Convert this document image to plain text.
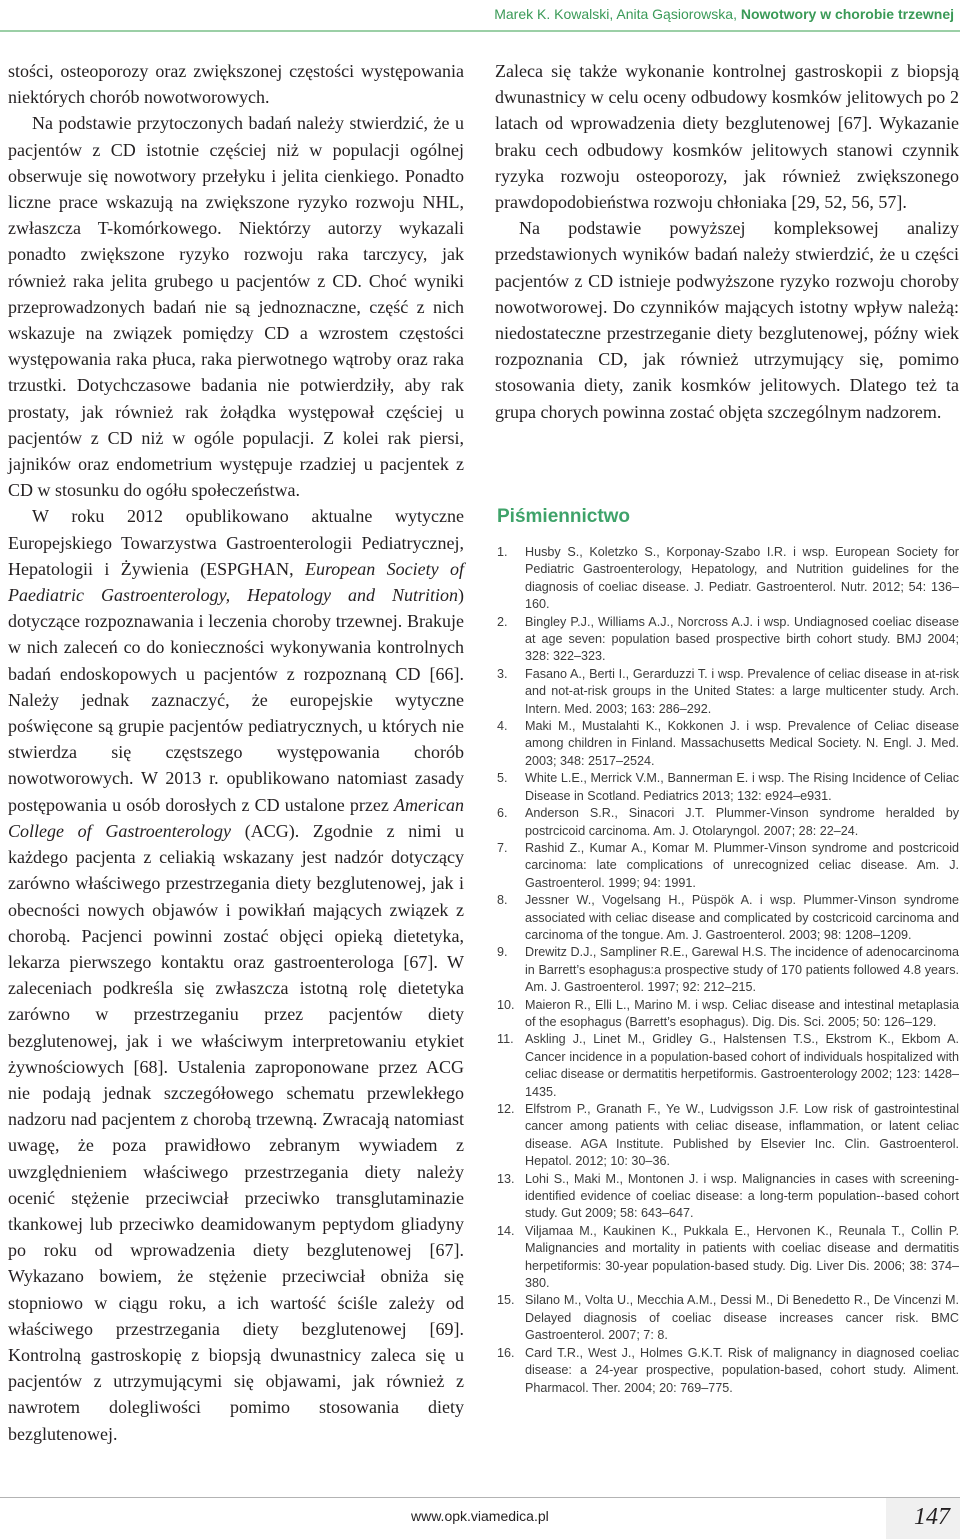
Marek K. Kowalski, Anita Gąsiorowska, Nowotwory w chorobie trzewnej

stości, osteoporozy oraz zwiększonej częstości występowania niektórych chorób nowotworowych.

Na podstawie przytoczonych badań należy stwierdzić, że u pacjentów z CD istotnie częściej niż w populacji ogólnej obserwuje się nowotwory przełyku i jelita cienkiego. Ponadto liczne prace wskazują na zwiększone ryzyko rozwoju NHL, zwłaszcza T-komórkowego. Niektórzy autorzy wykazali ponadto zwiększone ryzyko rozwoju raka tarczycy, jak również raka jelita grubego u pacjentów z CD. Choć wyniki przeprowadzonych badań nie są jednoznaczne, część z nich wskazuje na związek pomiędzy CD a wzrostem częstości występowania raka płuca, raka pierwotnego wątroby oraz raka trzustki. Dotychczasowe badania nie potwierdziły, aby rak prostaty, jak również rak żołądka występował częściej u pacjentów z CD niż w ogóle populacji. Z kolei rak piersi, jajników oraz endometrium występuje rzadziej u pacjentek z CD w stosunku do ogółu społeczeństwa.

W roku 2012 opublikowano aktualne wytyczne Europejskiego Towarzystwa Gastroenterologii Pediatrycznej, Hepatologii i Żywienia (ESPGHAN, European Society of Paediatric Gastroenterology, Hepatology and Nutrition) dotyczące rozpoznawania i leczenia choroby trzewnej. Brakuje w nich zaleceń co do konieczności wykonywania kontrolnych badań endoskopowych u pacjentów z rozpoznaną CD [66]. Należy jednak zaznaczyć, że europejskie wytyczne poświęcone są grupie pacjentów pediatrycznych, u których nie stwierdza się częstszego występowania chorób nowotworowych. W 2013 r. opublikowano natomiast zasady postępowania u osób dorosłych z CD ustalone przez American College of Gastroenterology (ACG). Zgodnie z nimi u każdego pacjenta z celiakią wskazany jest nadzór dotyczący zarówno właściwego przestrzegania diety bezglutenowej, jak i obecności nowych objawów i powikłań mających związek z chorobą. Pacjenci powinni zostać objęci opieką dietetyka, lekarza pierwszego kontaktu oraz gastroenterologa [67]. W zaleceniach podkreśla się zwłaszcza istotną rolę dietetyka zarówno w przestrzeganiu przez pacjentów diety bezglutenowej, jak i we właściwym interpretowaniu etykiet żywnościowych [68]. Ustalenia zaproponowane przez ACG nie podają jednak szczegółowego schematu przewlekłego nadzoru nad pacjentem z chorobą trzewną. Zwracają natomiast uwagę, że poza prawidłowo zebranym wywiadem z uwzględnieniem właściwego przestrzegania diety należy ocenić stężenie przeciwciał przeciwko transglutaminazie tkankowej lub przeciwko deamidowanym peptydom gliadyny po roku od wprowadzenia diety bezglutenowej [67]. Wykazano bowiem, że stężenie przeciwciał obniża się stopniowo w ciągu roku, a ich wartość ściśle zależy od właściwego przestrzegania diety bezglutenowej [69]. Kontrolną gastroskopię z biopsją dwunastnicy zaleca się u pacjentów z utrzymującymi się objawami, jak również z nawrotem dolegliwości pomimo stosowania diety bezglutenowej.

Zaleca się także wykonanie kontrolnej gastroskopii z biopsją dwunastnicy w celu oceny odbudowy kosmków jelitowych po 2 latach od wprowadzenia diety bezglutenowej [67]. Wykazanie braku cech odbudowy kosmków jelitowych stanowi czynnik ryzyka rozwoju osteoporozy, jak również zwiększonego prawdopodobieństwa rozwoju chłoniaka [29, 52, 56, 57].

Na podstawie powyższej kompleksowej analizy przedstawionych wyników badań należy stwierdzić, że u części pacjentów z CD istnieje podwyższone ryzyko rozwoju choroby nowotworowej. Do czynników mających istotny wpływ należą: niedostateczne przestrzeganie diety bezglutenowej, późny wiek rozpoznania CD, jak również utrzymujący się, pomimo stosowania diety, zanik kosmków jelitowych. Dlatego też ta grupa chorych powinna zostać objęta szczególnym nadzorem.

Piśmiennictwo
1. Husby S., Koletzko S., Korponay-Szabo I.R. i wsp. European Society for Pediatric Gastroenterology, Hepatology, and Nutrition guidelines for the diagnosis of coeliac disease. J. Pediatr. Gastroenterol. Nutr. 2012; 54: 136–160.
2. Bingley P.J., Williams A.J., Norcross A.J. i wsp. Undiagnosed coeliac disease at age seven: population based prospective birth cohort study. BMJ 2004; 328: 322–323.
3. Fasano A., Berti I., Gerarduzzi T. i wsp. Prevalence of celiac disease in at-risk and not-at-risk groups in the United States: a large multicenter study. Arch. Intern. Med. 2003; 163: 286–292.
4. Maki M., Mustalahti K., Kokkonen J. i wsp. Prevalence of Celiac disease among children in Finland. Massachusetts Medical Society. N. Engl. J. Med. 2003; 348: 2517–2524.
5. White L.E., Merrick V.M., Bannerman E. i wsp. The Rising Incidence of Celiac Disease in Scotland. Pediatrics 2013; 132: e924–e931.
6. Anderson S.R., Sinacori J.T. Plummer-Vinson syndrome heralded by postrcicoid carcinoma. Am. J. Otolaryngol. 2007; 28: 22–24.
7. Rashid Z., Kumar A., Komar M. Plummer-Vinson syndrome and postcricoid carcinoma: late complications of unrecognized celiac disease. Am. J. Gastroenterol. 1999; 94: 1991.
8. Jessner W., Vogelsang H., Püspök A. i wsp. Plummer-Vinson syndrome associated with celiac disease and complicated by costcricoid carcinoma and carcinoma of the tongue. Am. J. Gastroenterol. 2003; 98: 1208–1209.
9. Drewitz D.J., Sampliner R.E., Garewal H.S. The incidence of adenocarcinoma in Barrett’s esophagus:a prospective study of 170 patients followed 4.8 years. Am. J. Gastroenterol. 1997; 92: 212–215.
10. Maieron R., Elli L., Marino M. i wsp. Celiac disease and intestinal metaplasia of the esophagus (Barrett’s esophagus). Dig. Dis. Sci. 2005; 50: 126–129.
11. Askling J., Linet M., Gridley G., Halstensen T.S., Ekstrom K., Ekbom A. Cancer incidence in a population-based cohort of individuals hospitalized with celiac disease or dermatitis herpetiformis. Gastroenterology 2002; 123: 1428–1435.
12. Elfstrom P., Granath F., Ye W., Ludvigsson J.F. Low risk of gastrointestinal cancer among patients with celiac disease, inflammation, or latent celiac disease. AGA Institute. Published by Elsevier Inc. Clin. Gastroenterol. Hepatol. 2012; 10: 30–36.
13. Lohi S., Maki M., Montonen J. i wsp. Malignancies in cases with screening-identified evidence of coeliac disease: a long-term population--based cohort study. Gut 2009; 58: 643–647.
14. Viljamaa M., Kaukinen K., Pukkala E., Hervonen K., Reunala T., Collin P. Malignancies and mortality in patients with coeliac disease and dermatitis herpetiformis: 30-year population-based study. Dig. Liver Dis. 2006; 38: 374–380.
15. Silano M., Volta U., Mecchia A.M., Dessi M., Di Benedetto R., De Vincenzi M. Delayed diagnosis of coeliac disease increases cancer risk. BMC Gastroenterol. 2007; 7: 8.
16. Card T.R., West J., Holmes G.K.T. Risk of malignancy in diagnosed coeliac disease: a 24-year prospective, population-based, cohort study. Aliment. Pharmacol. Ther. 2004; 20: 769–775.
www.opk.viamedica.pl	147
